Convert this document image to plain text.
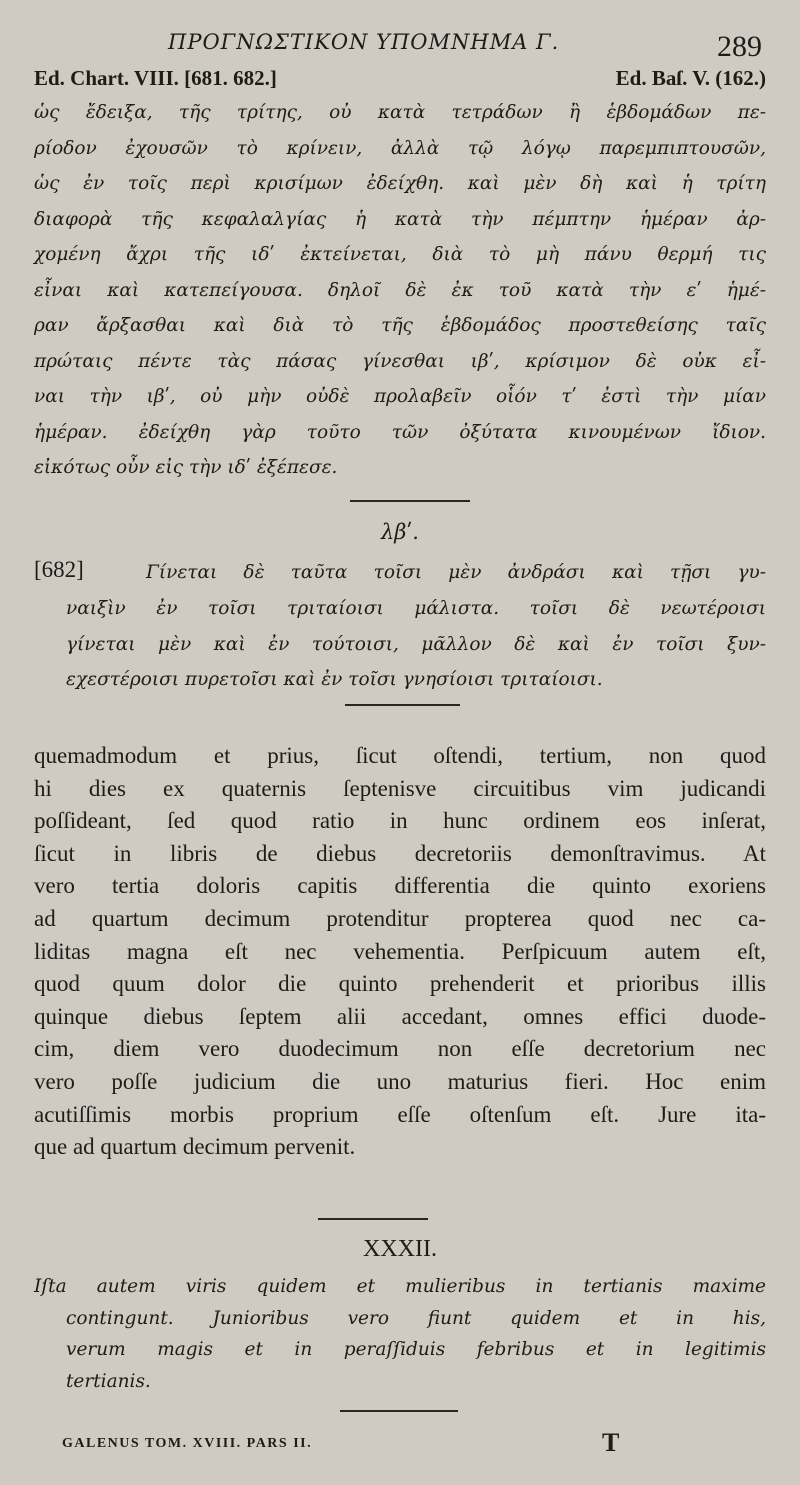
ΠΡΟΓΝΩΣΤΙΚΟΝ ΥΠΟΜΝΗΜΑ Γ.	289
Ed. Chart. VIII. [681. 682.]	Ed. Baſ. V. (162.)
ὡς ἔδειξα, τῆς τρίτης, οὐ κατὰ τετράδων ἢ ἑβδομάδων πε-
ρίοδον ἐχουσῶν τὸ κρίνειν, ἀλλὰ τῷ λόγῳ παρεμπιπτουσῶν,
ὡς ἐν τοῖς περὶ κρισίμων ἐδείχθη. καὶ μὲν δὴ καὶ ἡ τρίτη
διαφορὰ τῆς κεφαλαλγίας ἡ κατὰ τὴν πέμπτην ἡμέραν ἀρ-
χομένη ἄχρι τῆς ιδʹ ἐκτείνεται, διὰ τὸ μὴ πάνυ θερμή τις
εἶναι καὶ κατεπείγουσα. δηλοῖ δὲ ἐκ τοῦ κατὰ τὴν εʹ ἡμέ-
ραν ἄρξασθαι καὶ διὰ τὸ τῆς ἑβδομάδος προστεθείσης ταῖς
πρώταις πέντε τὰς πάσας γίνεσθαι ιβʹ, κρίσιμον δὲ οὐκ εἶ-
ναι τὴν ιβʹ, οὐ μὴν οὐδὲ προλαβεῖν οἷόν τʹ ἐστὶ τὴν μίαν
ἡμέραν. ἐδείχθη γὰρ τοῦτο τῶν ὀξύτατα κινουμένων ἴδιον.
εἰκότως οὖν εἰς τὴν ιδʹ ἐξέπεσε.
λβʹ.
[682]	Γίνεται δὲ ταῦτα τοῖσι μὲν ἀνδράσι καὶ τῇσι γυ-
ναιξὶν ἐν τοῖσι τριταίοισι μάλιστα. τοῖσι δὲ νεωτέροισι
γίνεται μὲν καὶ ἐν τούτοισι, μᾶλλον δὲ καὶ ἐν τοῖσι ξυν-
εχεστέροισι πυρετοῖσι καὶ ἐν τοῖσι γνησίοισι τριταίοισι.
quemadmodum et prius, ſicut oſtendi, tertium, non quod
hi dies ex quaternis ſeptenisve circuitibus vim judicandi
poſſideant, ſed quod ratio in hunc ordinem eos inſerat,
ſicut in libris de diebus decretoriis demonſtravimus. At
vero tertia doloris capitis differentia die quinto exoriens
ad quartum decimum protenditur propterea quod nec ca-
liditas magna eſt nec vehementia. Perſpicuum autem eſt,
quod quum dolor die quinto prehenderit et prioribus illis
quinque diebus ſeptem alii accedant, omnes effici duode-
cim, diem vero duodecimum non eſſe decretorium nec
vero poſſe judicium die uno maturius fieri. Hoc enim
acutiſſimis morbis proprium eſſe oſtenſum eſt. Jure ita-
que ad quartum decimum pervenit.
XXXII.
Iſta autem viris quidem et mulieribus in tertianis maxime
contingunt. Junioribus vero fiunt quidem et in his,
verum magis et in peraſſiduis febribus et in legitimis
tertianis.
GALENUS TOM. XVIII. PARS II.	T
